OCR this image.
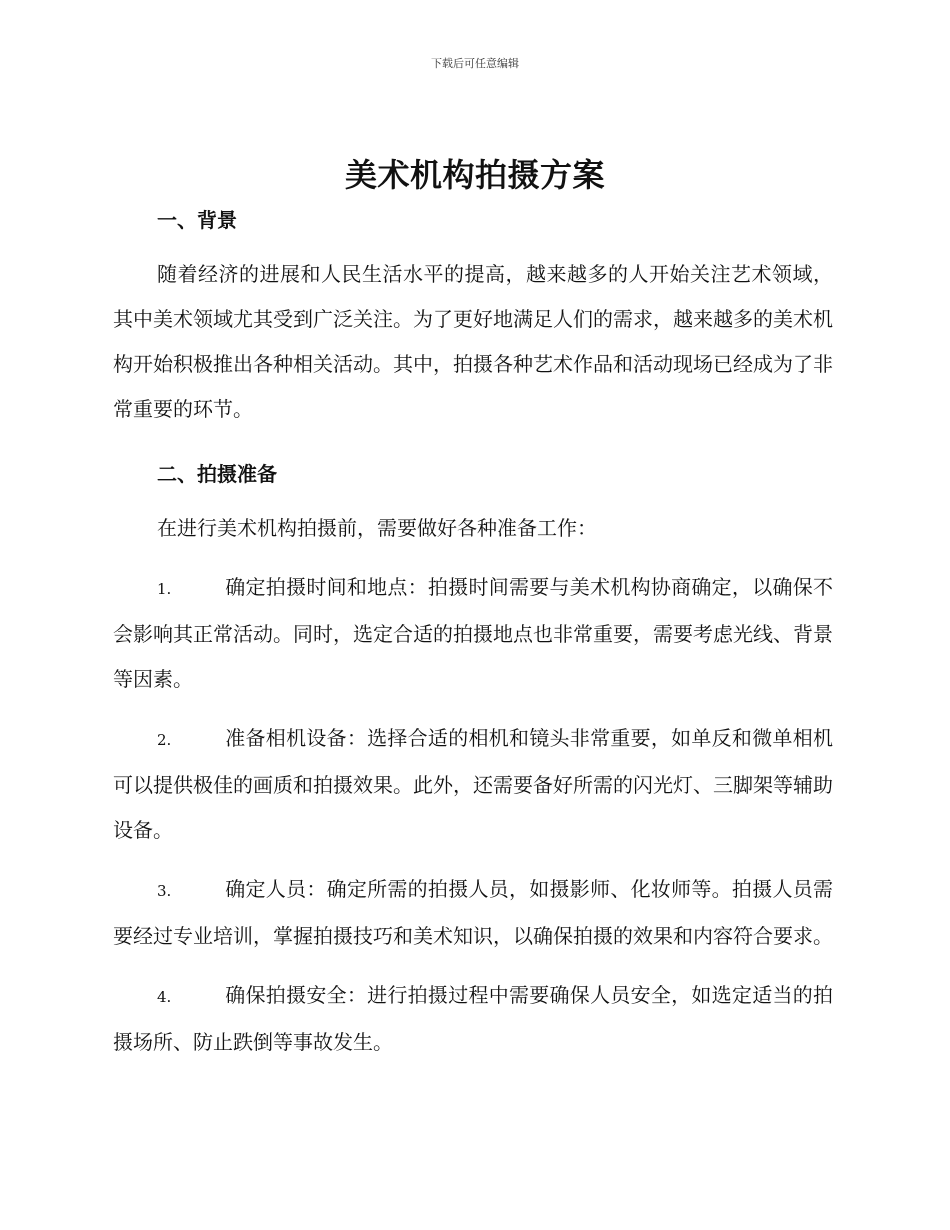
下载后可任意编辑
美术机构拍摄方案
一、背景

随着经济的进展和人民生活水平的提高，越来越多的人开始关注艺术领域，其中美术领域尤其受到广泛关注。为了更好地满足人们的需求，越来越多的美术机构开始积极推出各种相关活动。其中，拍摄各种艺术作品和活动现场已经成为了非常重要的环节。

二、拍摄准备

在进行美术机构拍摄前，需要做好各种准备工作：

1.	确定拍摄时间和地点：拍摄时间需要与美术机构协商确定，以确保不会影响其正常活动。同时，选定合适的拍摄地点也非常重要，需要考虑光线、背景等因素。

2.	准备相机设备：选择合适的相机和镜头非常重要，如单反和微单相机可以提供极佳的画质和拍摄效果。此外，还需要备好所需的闪光灯、三脚架等辅助设备。

3.	确定人员：确定所需的拍摄人员，如摄影师、化妆师等。拍摄人员需要经过专业培训，掌握拍摄技巧和美术知识，以确保拍摄的效果和内容符合要求。

4.	确保拍摄安全：进行拍摄过程中需要确保人员安全，如选定适当的拍摄场所、防止跌倒等事故发生。
